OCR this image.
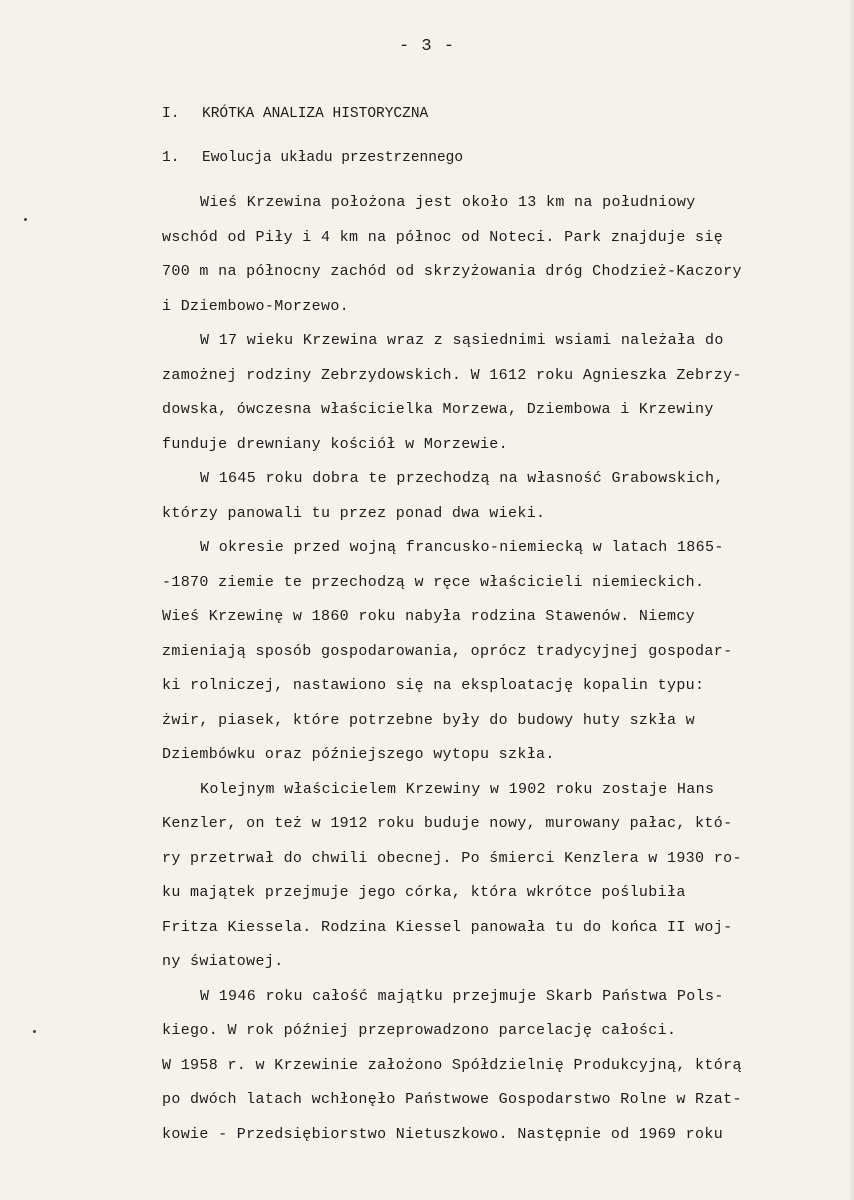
- 3 -
I. KRÓTKA ANALIZA HISTORYCZNA
1. Ewolucja układu przestrzennego
Wieś Krzewina położona jest około 13 km na południowy
wschód od Piły i 4 km na północ od Noteci. Park znajduje się
700 m na północny zachód od skrzyżowania dróg Chodzież-Kaczory
i Dziembowo-Morzewo.
W 17 wieku Krzewina wraz z sąsiednimi wsiami należała do
zamożnej rodziny Zebrzydowskich. W 1612 roku Agnieszka Zebrzy-
dowska, ówczesna właścicielka Morzewa, Dziembowa i Krzewiny
funduje drewniany kościół w Morzewie.
W 1645 roku dobra te przechodzą na własność Grabowskich,
którzy panowali tu przez ponad dwa wieki.
W okresie przed wojną francusko-niemiecką w latach 1865-
-1870 ziemie te przechodzą w ręce właścicieli niemieckich.
Wieś Krzewinę w 1860 roku nabyła rodzina Stawenów. Niemcy
zmieniają sposób gospodarowania, oprócz tradycyjnej gospodar-
ki rolniczej, nastawiono się na eksploatację kopalin typu:
żwir, piasek, które potrzebne były do budowy huty szkła w
Dziembówku oraz późniejszego wytopu szkła.
Kolejnym właścicielem Krzewiny w 1902 roku zostaje Hans
Kenzler, on też w 1912 roku buduje nowy, murowany pałac, któ-
ry przetrwał do chwili obecnej. Po śmierci Kenzlera w 1930 ro-
ku majątek przejmuje jego córka, która wkrótce poślubiła
Fritza Kiessela. Rodzina Kiessel panowała tu do końca II woj-
ny światowej.
W 1946 roku całość majątku przejmuje Skarb Państwa Pols-
kiego. W rok później przeprowadzono parcelację całości.
W 1958 r. w Krzewinie założono Spółdzielnię Produkcyjną, którą
po dwóch latach wchłonęło Państwowe Gospodarstwo Rolne w Rzat-
kowie - Przedsiębiorstwo Nietuszkowo. Następnie od 1969 roku
